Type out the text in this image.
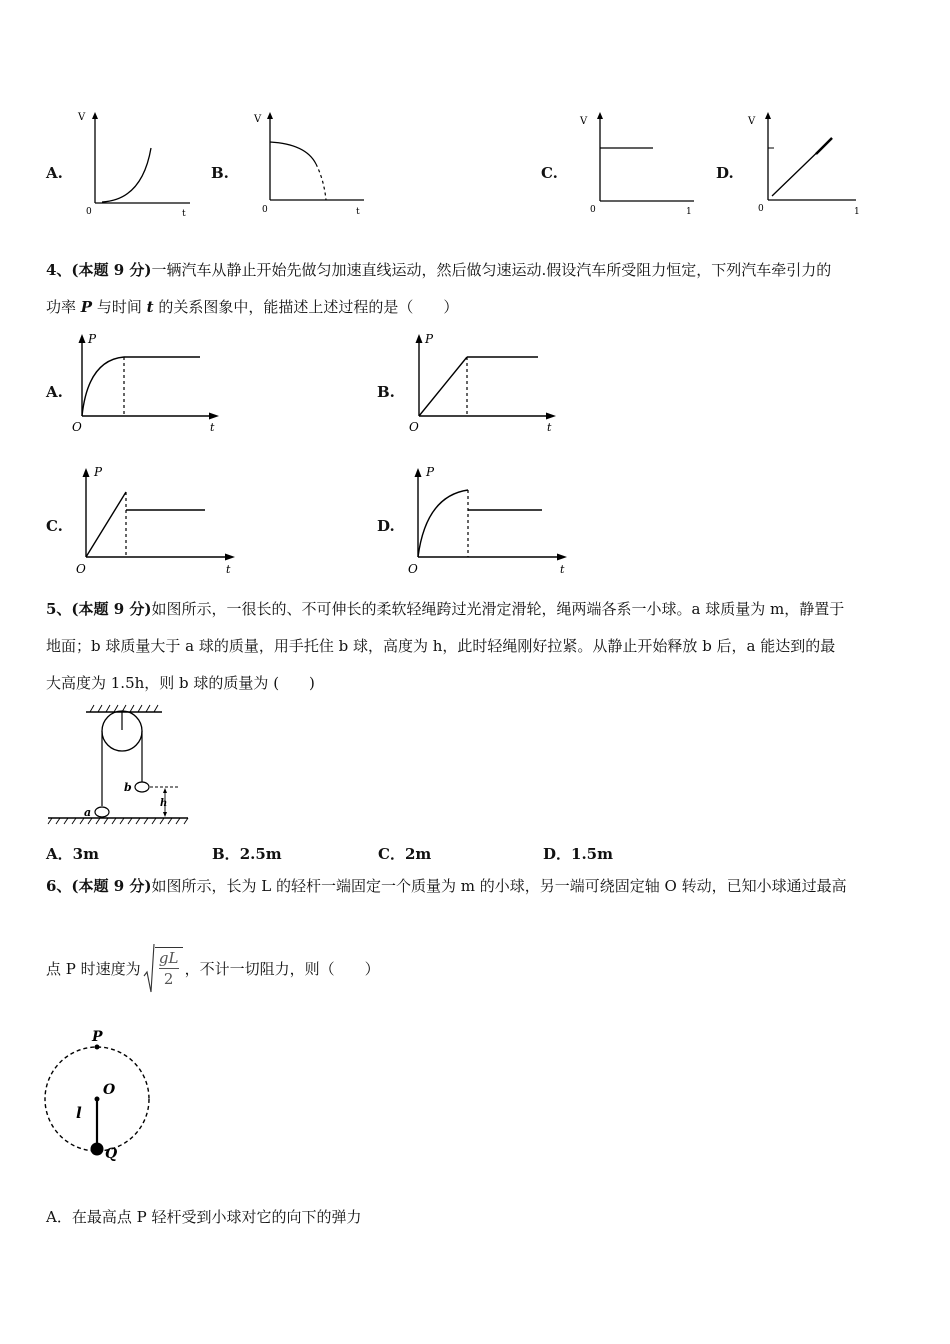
A.
V
0	t
B.
V
0	t
C.
V
0	1
D.
V
0	1
4、(本题 9 分)一辆汽车从静止开始先做匀加速直线运动，然后做匀速运动.假设汽车所受阻力恒定，下列汽车牵引力的
功率 P 与时间 t 的关系图象中，能描述上述过程的是（　　）
A.
P
O	t
B.
P
O	t
C.
P
O	t
D.
P
O	t
5、(本题 9 分)如图所示，一很长的、不可伸长的柔软轻绳跨过光滑定滑轮，绳两端各系一小球。a 球质量为 m，静置于
地面；b 球质量大于 a 球的质量，用手托住 b 球，高度为 h，此时轻绳刚好拉紧。从静止开始释放 b 后，a 能达到的最
大高度为 1.5h，则 b 球的质量为 (　　)
b
a
h
A．3m	B．2.5m	C．2m	D．1.5m
6、(本题 9 分)如图所示，长为 L 的轻杆一端固定一个质量为 m 的小球，另一端可绕固定轴 O 转动，已知小球通过最高
点 P 时速度为
gL
2
，不计一切阻力，则（　　）
P
O
l
Q
A．在最高点 P 轻杆受到小球对它的向下的弹力
